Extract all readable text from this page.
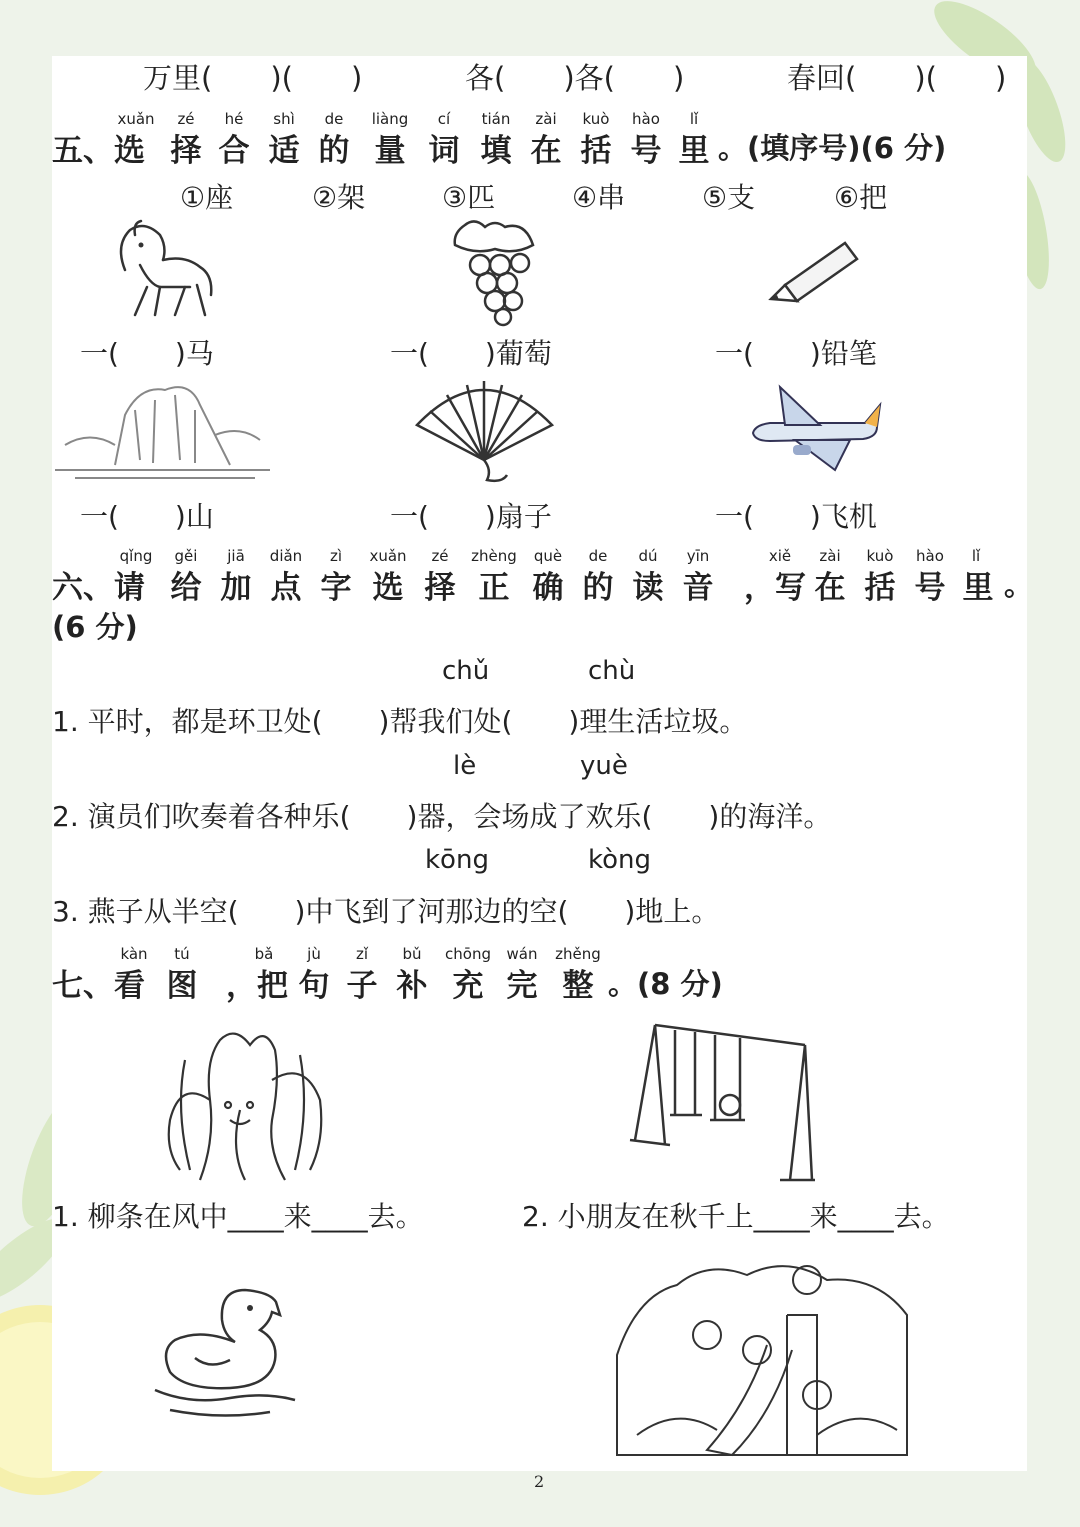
万里(　　)(　　)	各(　　)各(　　)	春回(　　)(　　)
xuǎn	zé	hé	shì	de	liàng	cí	tián	zài	kuò	hào	lǐ
五、选 择 合 适 的 量 词 填 在 括 号 里 。(填序号)(6 分)
①座	②架	③匹	④串	⑤支	⑥把
一(　　)马	一(　　)葡萄	一(　　)铅笔
一(　　)山	一(　　)扇子	一(　　)飞机
qǐng	gěi	jiā	diǎn	zì	xuǎn	zé	zhèng	què	de	dú	yīn	xiě	zài	kuò	hào	lǐ
六、请 给 加 点 字 选 择 正 确 的 读 音 ，写 在 括 号 里 。
(6 分)
chǔ	chù
1. 平时，都是环卫处(　　)帮我们处(　　)理生活垃圾。
lè	yuè
2. 演员们吹奏着各种乐(　　)器，会场成了欢乐(　　)的海洋。
kōng	kòng
3. 燕子从半空(　　)中飞到了河那边的空(　　)地上。
kàn	tú	bǎ	jù	zǐ	bǔ	chōng	wán	zhěng
七、看 图 ，把 句 子 补 充 完 整 。(8 分)
1. 柳条在风中____来____去。	2. 小朋友在秋千上____来____去。
2
